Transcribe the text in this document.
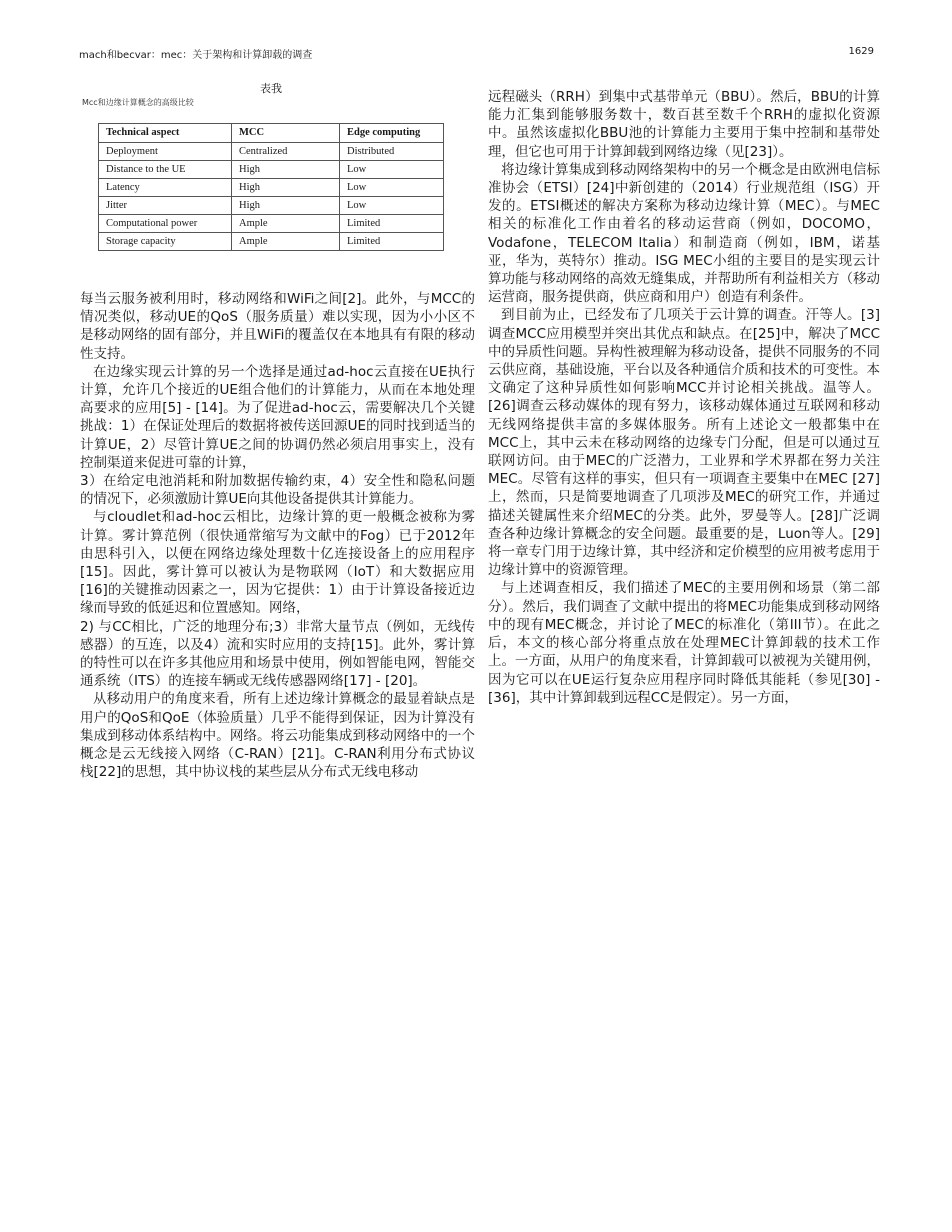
mach和becvar：mec：关于架构和计算卸载的调查	1629
表我
Mcc和边缘计算概念的高级比较
Technical aspect	MCC	Edge computing
Deployment	Centralized	Distributed
Distance to the UE	High	Low
Latency	High	Low
Jitter	High	Low
Computational power	Ample	Limited
Storage capacity	Ample	Limited

每当云服务被利用时，移动网络和WiFi之间[2]。此外，与MCC的情况类似，移动UE的QoS（服务质量）难以实现，因为小小区不是移动网络的固有部分，并且WiFi的覆盖仅在本地具有有限的移动性支持。

在边缘实现云计算的另一个选择是通过ad-hoc云直接在UE执行计算，允许几个接近的UE组合他们的计算能力，从而在本地处理高要求的应用[5] - [14]。为了促进ad-hoc云，需要解决几个关键挑战：1）在保证处理后的数据将被传送回源UE的同时找到适当的计算UE，2）尽管计算UE之间的协调仍然必须启用事实上，没有控制渠道来促进可靠的计算，

3）在给定电池消耗和附加数据传输约束，4）安全性和隐私问题的情况下，必须激励计算UE向其他设备提供其计算能力。

与cloudlet和ad-hoc云相比，边缘计算的更一般概念被称为雾计算。雾计算范例（很快通常缩写为文献中的Fog）已于2012年由思科引入，以便在网络边缘处理数十亿连接设备上的应用程序[15]。因此，雾计算可以被认为是物联网（IoT）和大数据应用[16]的关键推动因素之一，因为它提供：1）由于计算设备接近边缘而导致的低延迟和位置感知。网络，

2) 与CC相比，广泛的地理分布;3）非常大量节点（例如，无线传感器）的互连，以及4）流和实时应用的支持[15]。此外，雾计算的特性可以在许多其他应用和场景中使用，例如智能电网，智能交通系统（ITS）的连接车辆或无线传感器网络[17] - [20]。

从移动用户的角度来看，所有上述边缘计算概念的最显着缺点是用户的QoS和QoE（体验质量）几乎不能得到保证，因为计算没有集成到移动体系结构中。网络。将云功能集成到移动网络中的一个概念是云无线接入网络（C-RAN）[21]。C-RAN利用分布式协议栈[22]的思想，其中协议栈的某些层从分布式无线电移动

远程磁头（RRH）到集中式基带单元（BBU）。然后，BBU的计算能力汇集到能够服务数十，数百甚至数千个RRH的虚拟化资源中。虽然该虚拟化BBU池的计算能力主要用于集中控制和基带处理，但它也可用于计算卸载到网络边缘（见[23]）。

将边缘计算集成到移动网络架构中的另一个概念是由欧洲电信标准协会（ETSI）[24]中新创建的（2014）行业规范组（ISG）开发的。ETSI概述的解决方案称为移动边缘计算（MEC）。与MEC相关的标准化工作由着名的移动运营商（例如，DOCOMO，Vodafone，TELECOM Italia）和制造商（例如，IBM，诺基亚，华为，英特尔）推动。ISG MEC小组的主要目的是实现云计算功能与移动网络的高效无缝集成，并帮助所有利益相关方（移动运营商，服务提供商，供应商和用户）创造有利条件。

到目前为止，已经发布了几项关于云计算的调查。汗等人。[3]调查MCC应用模型并突出其优点和缺点。在[25]中，解决了MCC中的异质性问题。异构性被理解为移动设备，提供不同服务的不同云供应商，基础设施，平台以及各种通信介质和技术的可变性。本文确定了这种异质性如何影响MCC并讨论相关挑战。温等人。[26]调查云移动媒体的现有努力，该移动媒体通过互联网和移动无线网络提供丰富的多媒体服务。所有上述论文一般都集中在MCC上，其中云未在移动网络的边缘专门分配，但是可以通过互联网访问。由于MEC的广泛潜力，工业界和学术界都在努力关注MEC。尽管有这样的事实，但只有一项调查主要集中在MEC [27]上，然而，只是简要地调查了几项涉及MEC的研究工作，并通过描述关键属性来介绍MEC的分类。此外，罗曼等人。[28]广泛调查各种边缘计算概念的安全问题。最重要的是，Luon等人。[29]将一章专门用于边缘计算，其中经济和定价模型的应用被考虑用于边缘计算中的资源管理。

与上述调查相反，我们描述了MEC的主要用例和场景（第二部分）。然后，我们调查了文献中提出的将MEC功能集成到移动网络中的现有MEC概念，并讨论了MEC的标准化（第III节）。在此之后，本文的核心部分将重点放在处理MEC计算卸载的技术工作上。一方面，从用户的角度来看，计算卸载可以被视为关键用例，因为它可以在UE运行复杂应用程序同时降低其能耗（参见[30] - [36]，其中计算卸载到远程CC是假定）。另一方面，
